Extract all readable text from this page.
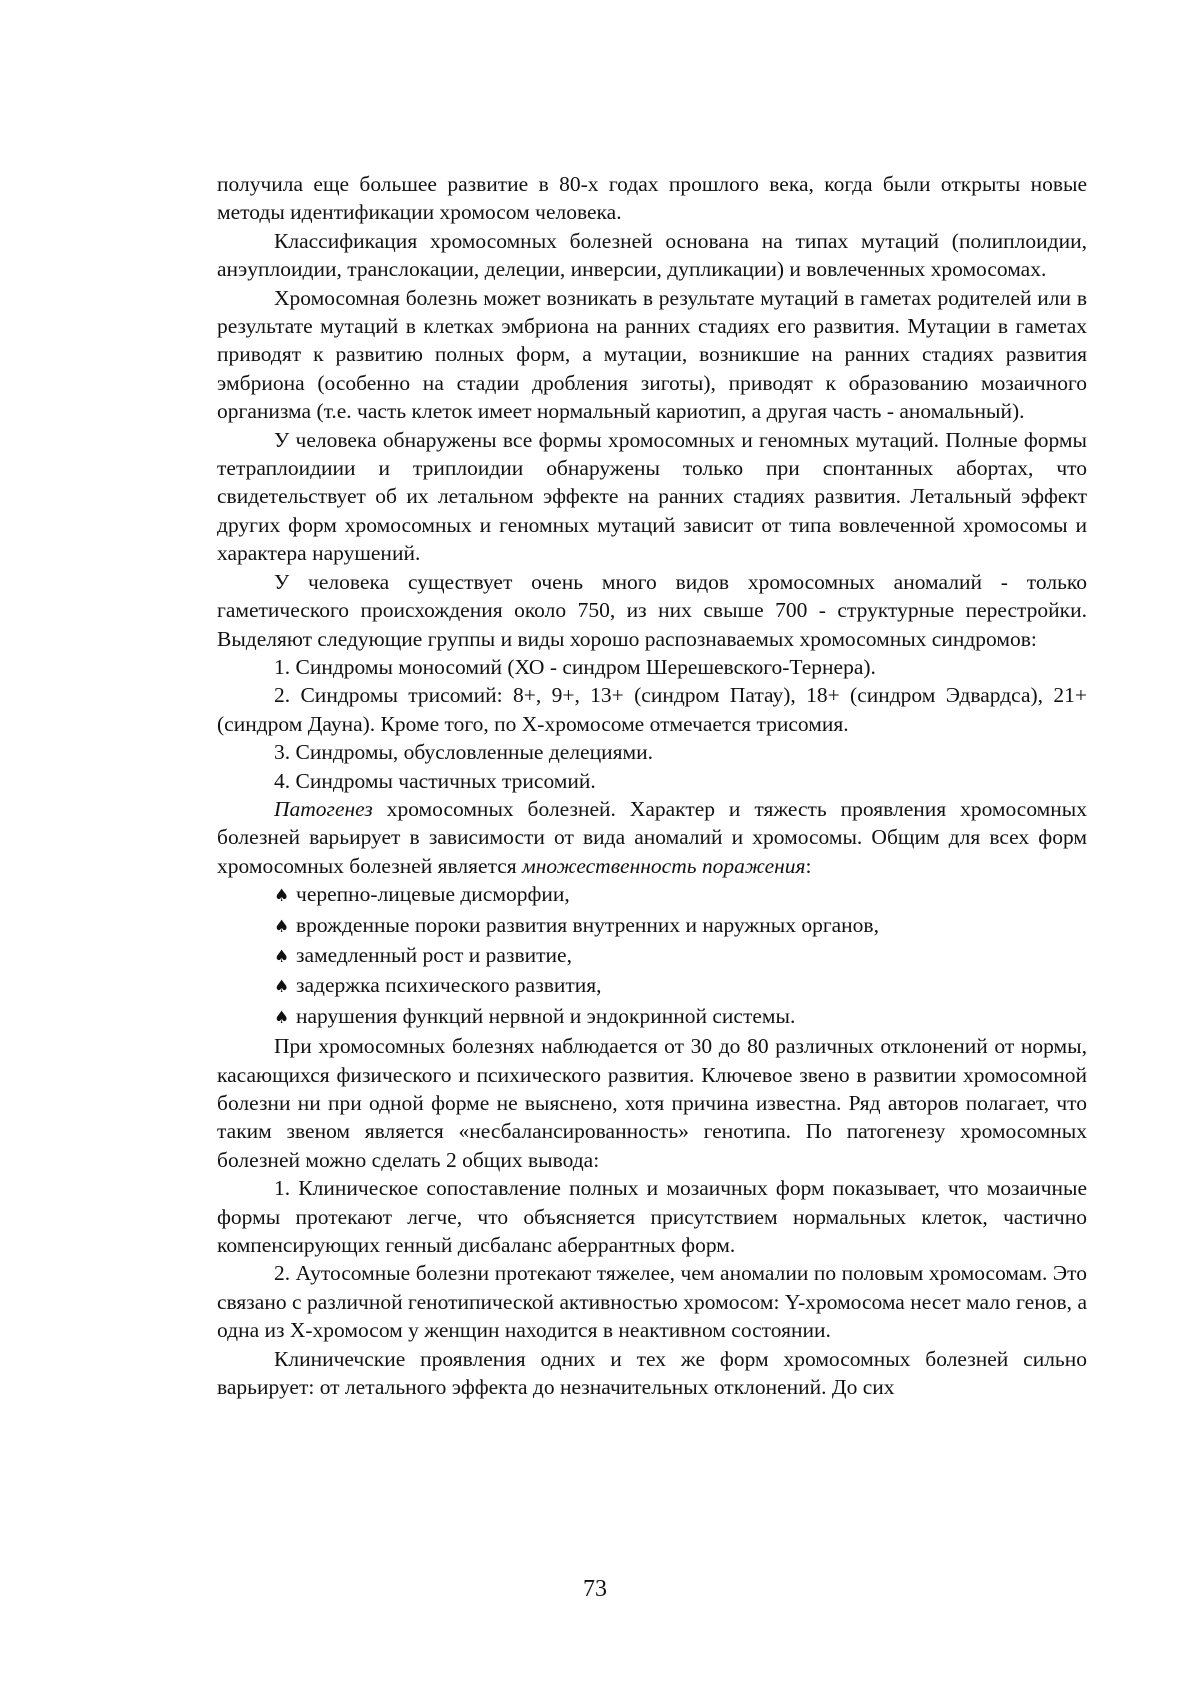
получила еще большее развитие в 80-х годах прошлого века, когда были открыты новые методы идентификации хромосом человека.

Классификация хромосомных болезней основана на типах мутаций (полиплоидии, анэуплоидии, транслокации, делеции, инверсии, дупликации) и вовлеченных хромосомах.

Хромосомная болезнь может возникать в результате мутаций в гаметах родителей или в результате мутаций в клетках эмбриона на ранних стадиях его развития. Мутации в гаметах приводят к развитию полных форм, а мутации, возникшие на ранних стадиях развития эмбриона (особенно на стадии дробления зиготы), приводят к образованию мозаичного организма (т.е. часть клеток имеет нормальный кариотип, а другая часть - аномальный).

У человека обнаружены все формы хромосомных и геномных мутаций. Полные формы тетраплоидиии и триплоидии обнаружены только при спонтанных абортах, что свидетельствует об их летальном эффекте на ранних стадиях развития. Летальный эффект других форм хромосомных и геномных мутаций зависит от типа вовлеченной хромосомы и характера нарушений.

У человека существует очень много видов хромосомных аномалий - только гаметического происхождения около 750, из них свыше 700 - структурные перестройки. Выделяют следующие группы и виды хорошо распознаваемых хромосомных синдромов:

1. Синдромы моносомий (ХО - синдром Шерешевского-Тернера).

2. Синдромы трисомий: 8+, 9+, 13+ (синдром Патау), 18+ (синдром Эдвардса), 21+ (синдром Дауна). Кроме того, по Х-хромосоме отмечается трисомия.

3. Синдромы, обусловленные делециями.

4. Синдромы частичных трисомий.

Патогенез хромосомных болезней. Характер и тяжесть проявления хромосомных болезней варьирует в зависимости от вида аномалий и хромосомы. Общим для всех форм хромосомных болезней является множественность поражения:

♠ черепно-лицевые дисморфии,

♠ врожденные пороки развития внутренних и наружных органов,

♠ замедленный рост и развитие,

♠ задержка психического развития,

♠ нарушения функций нервной и эндокринной системы.

При хромосомных болезнях наблюдается от 30 до 80 различных отклонений от нормы, касающихся физического и психического развития. Ключевое звено в развитии хромосомной болезни ни при одной форме не выяснено, хотя причина известна. Ряд авторов полагает, что таким звеном является «несбалансированность» генотипа. По патогенезу хромосомных болезней можно сделать 2 общих вывода:

1. Клиническое сопоставление полных и мозаичных форм показывает, что мозаичные формы протекают легче, что объясняется присутствием нормальных клеток, частично компенсирующих генный дисбаланс аберрантных форм.

2. Аутосомные болезни протекают тяжелее, чем аномалии по половым хромосомам. Это связано с различной генотипической активностью хромосом: Y-хромосома несет мало генов, а одна из Х-хромосом у женщин находится в неактивном состоянии.

Клиничечские проявления одних и тех же форм хромосомных болезней сильно варьирует: от летального эффекта до незначительных отклонений. До сих

73
